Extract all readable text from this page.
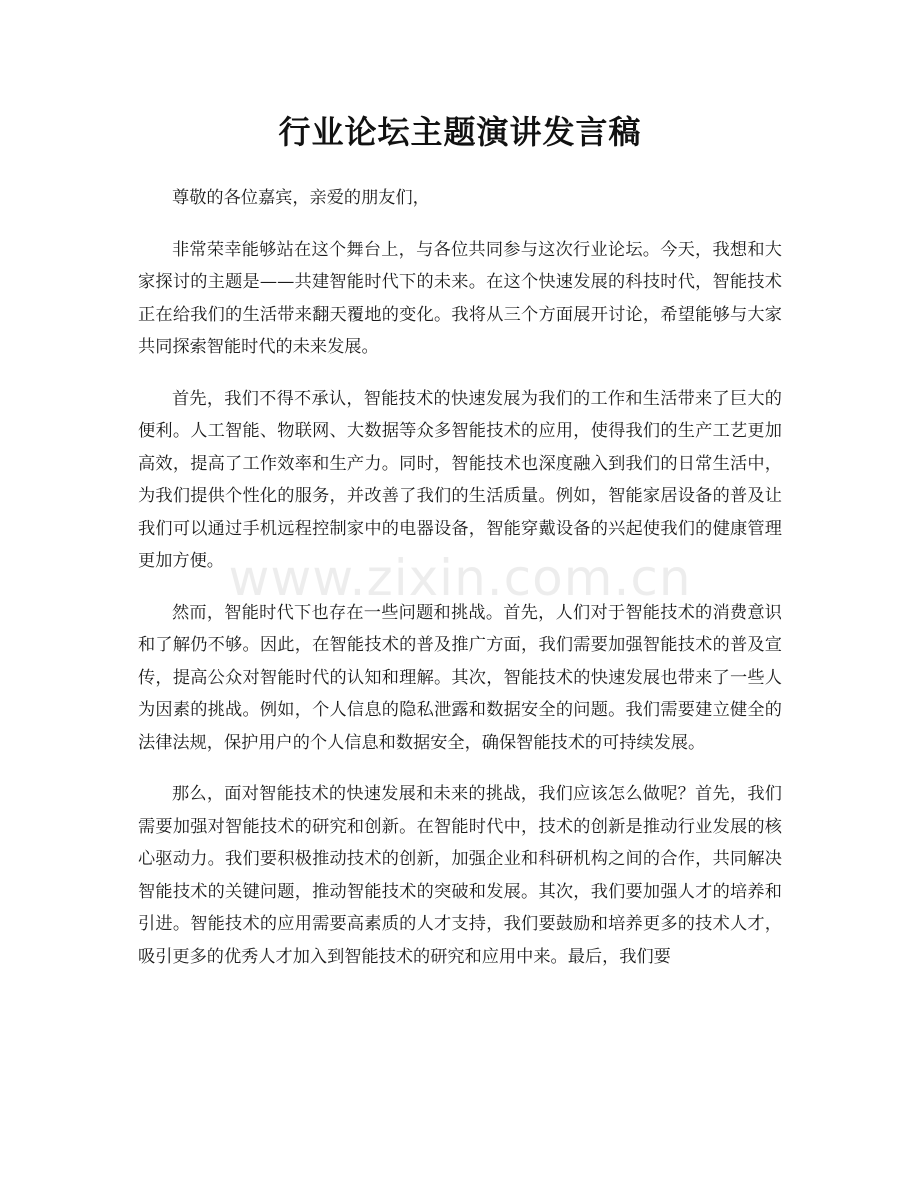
行业论坛主题演讲发言稿

尊敬的各位嘉宾，亲爱的朋友们，

非常荣幸能够站在这个舞台上，与各位共同参与这次行业论坛。今天，我想和大家探讨的主题是——共建智能时代下的未来。在这个快速发展的科技时代，智能技术正在给我们的生活带来翻天覆地的变化。我将从三个方面展开讨论，希望能够与大家共同探索智能时代的未来发展。

首先，我们不得不承认，智能技术的快速发展为我们的工作和生活带来了巨大的便利。人工智能、物联网、大数据等众多智能技术的应用，使得我们的生产工艺更加高效，提高了工作效率和生产力。同时，智能技术也深度融入到我们的日常生活中，为我们提供个性化的服务，并改善了我们的生活质量。例如，智能家居设备的普及让我们可以通过手机远程控制家中的电器设备，智能穿戴设备的兴起使我们的健康管理更加方便。

然而，智能时代下也存在一些问题和挑战。首先，人们对于智能技术的消费意识和了解仍不够。因此，在智能技术的普及推广方面，我们需要加强智能技术的普及宣传，提高公众对智能时代的认知和理解。其次，智能技术的快速发展也带来了一些人为因素的挑战。例如，个人信息的隐私泄露和数据安全的问题。我们需要建立健全的法律法规，保护用户的个人信息和数据安全，确保智能技术的可持续发展。

那么，面对智能技术的快速发展和未来的挑战，我们应该怎么做呢？首先，我们需要加强对智能技术的研究和创新。在智能时代中，技术的创新是推动行业发展的核心驱动力。我们要积极推动技术的创新，加强企业和科研机构之间的合作，共同解决智能技术的关键问题，推动智能技术的突破和发展。其次，我们要加强人才的培养和引进。智能技术的应用需要高素质的人才支持，我们要鼓励和培养更多的技术人才，吸引更多的优秀人才加入到智能技术的研究和应用中来。最后，我们要

www.zixin.com.cn
